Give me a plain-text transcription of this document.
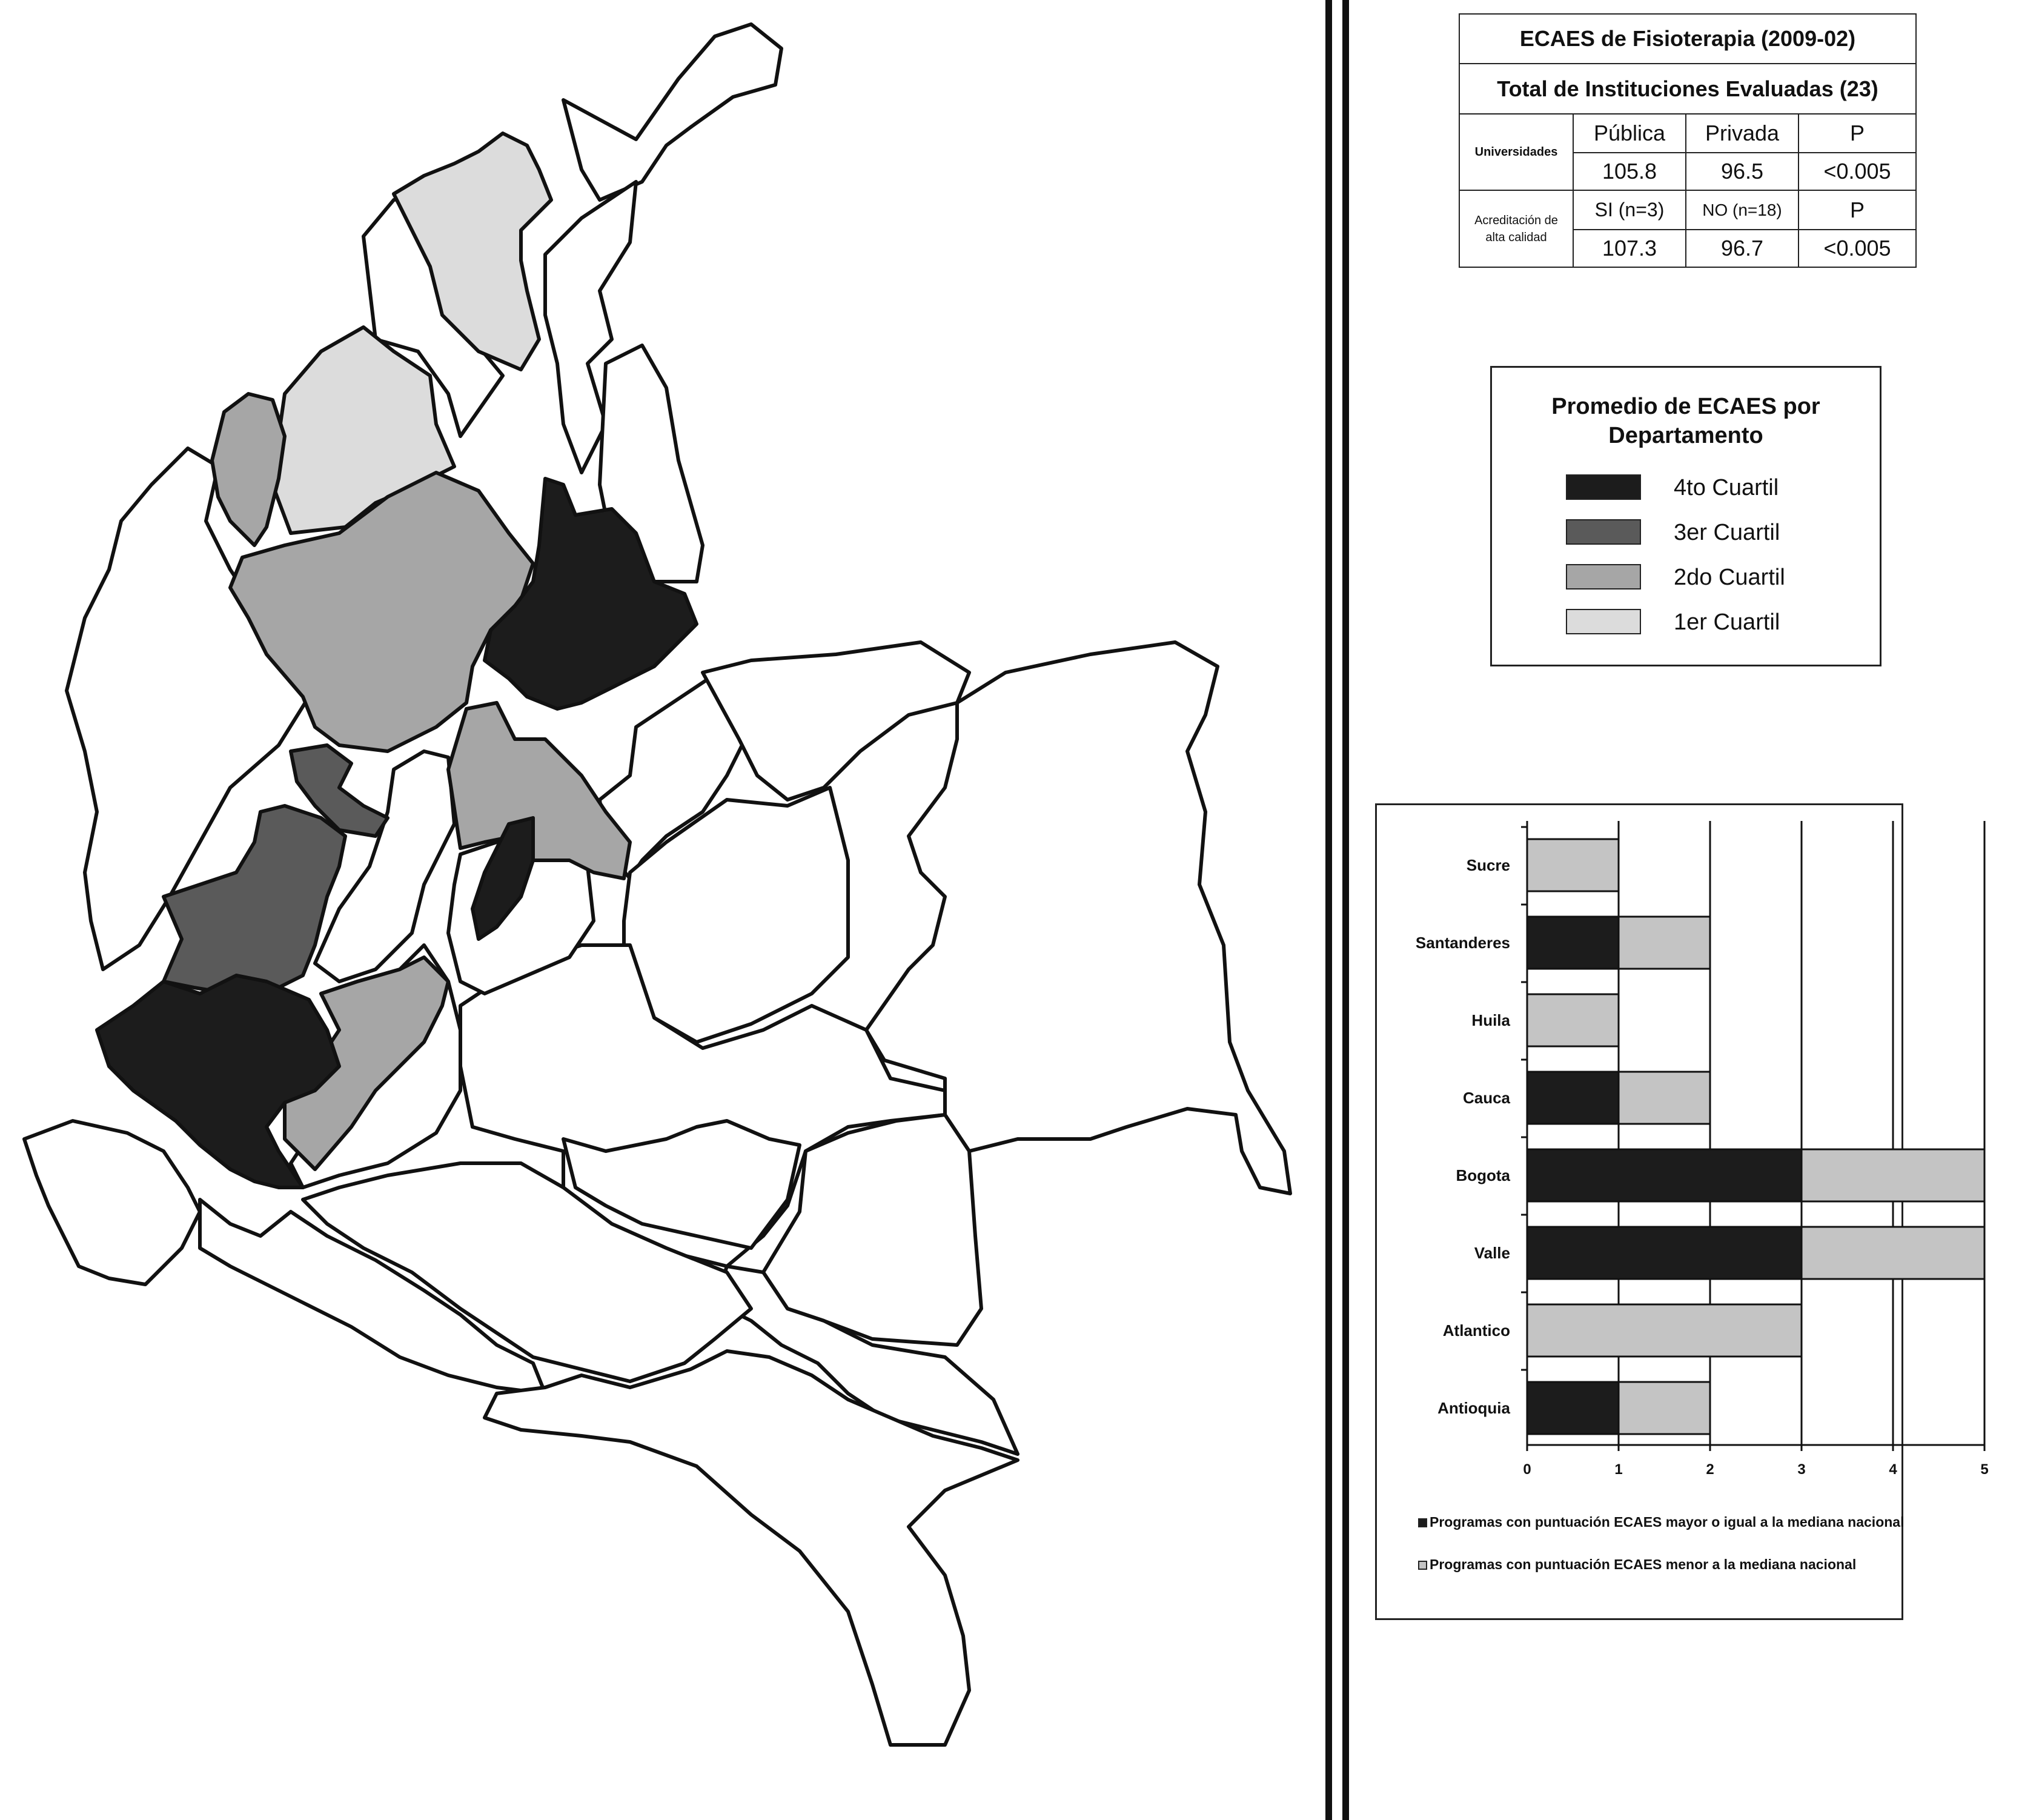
ECAES de Fisioterapia (2009-02)			
Total de Instituciones Evaluadas (23)			
Universidades	Pública	Privada	P
	105.8	96.5	<0.005

Acreditación de
alta calidad	SI (n=3)	NO (n=18)	P
	107.3	96.7	<0.005
Promedio de ECAES por
Departamento
4to Cuartil
3er Cuartil
2do Cuartil
1er Cuartil
Sucre
Santanderes
Huila
Cauca
Bogota
Valle
Atlantico
Antioquia
0	1	2	3	4	5
Programas con puntuación ECAES mayor o igual a la mediana nacional
Programas con puntuación ECAES menor a la mediana nacional
